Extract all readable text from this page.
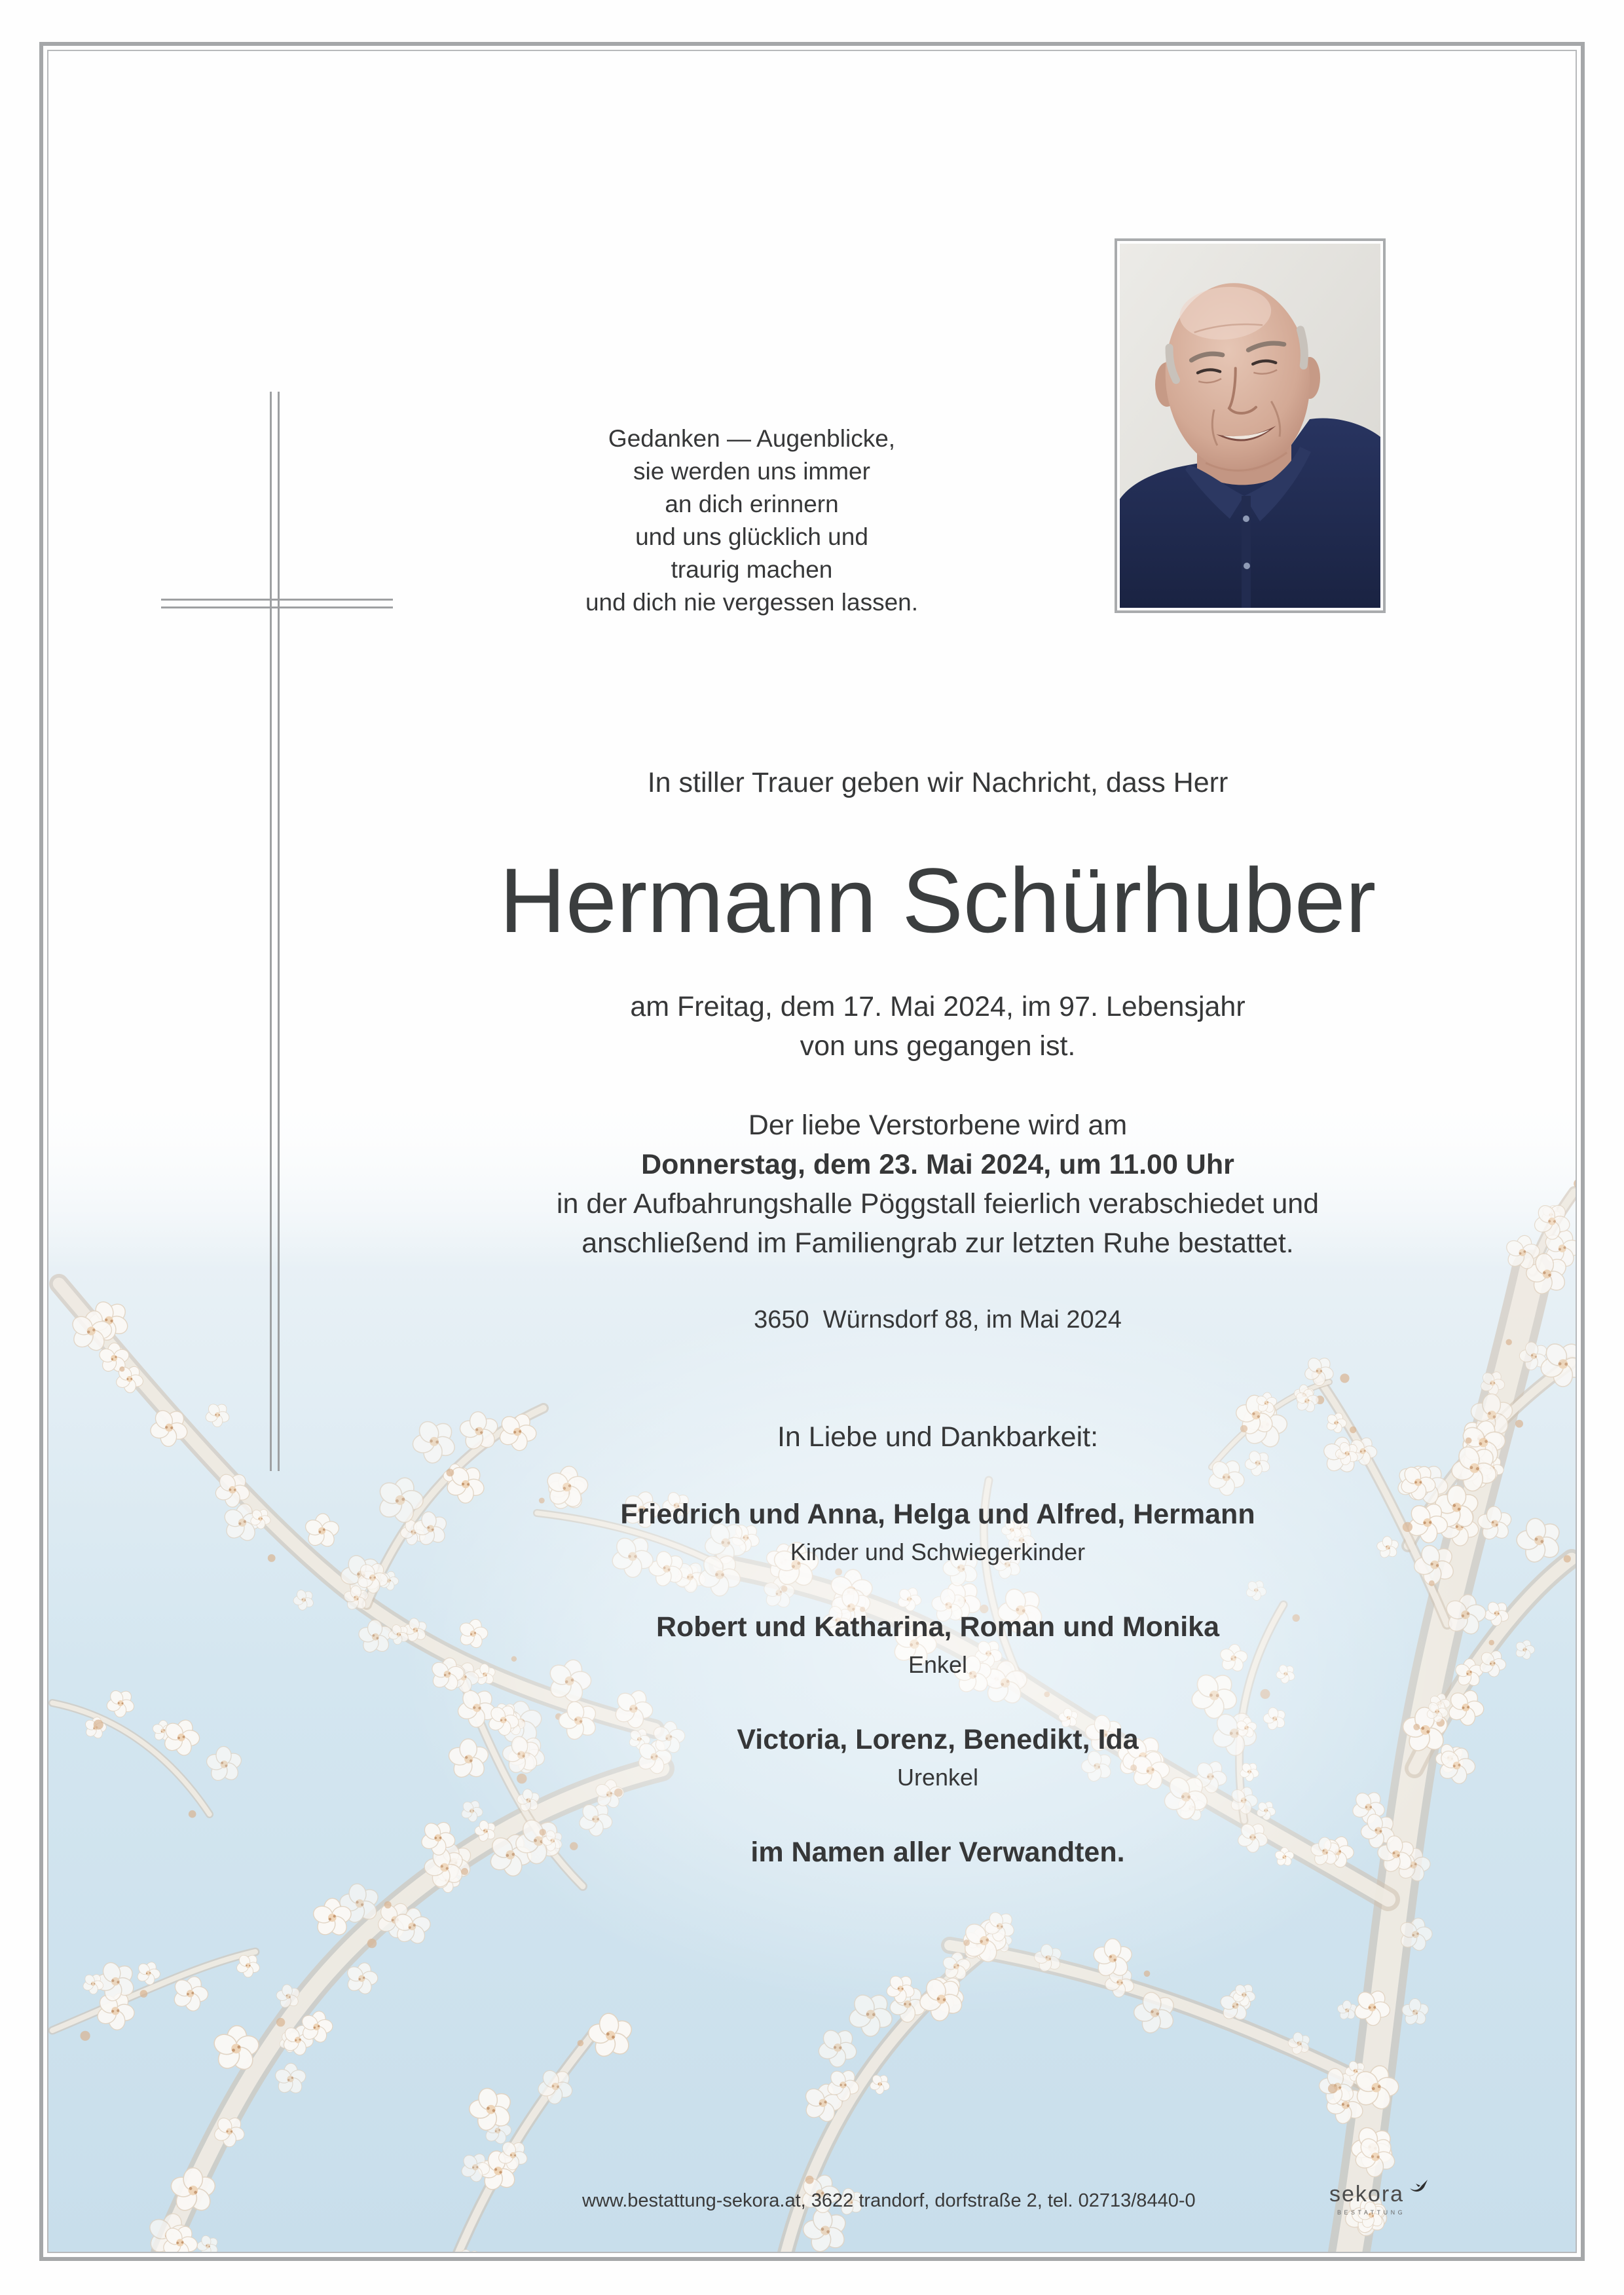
Gedanken — Augenblicke,
sie werden uns immer
an dich erinnern
und uns glücklich und
traurig machen
und dich nie vergessen lassen.
In stiller Trauer geben wir Nachricht, dass Herr
Hermann Schürhuber
am Freitag, dem 17. Mai 2024, im 97. Lebensjahr
von uns gegangen ist.
Der liebe Verstorbene wird am
Donnerstag, dem 23. Mai 2024, um 11.00 Uhr
in der Aufbahrungshalle Pöggstall feierlich verabschiedet und
anschließend im Familiengrab zur letzten Ruhe bestattet.
3650  Würnsdorf 88, im Mai 2024
In Liebe und Dankbarkeit:
Friedrich und Anna, Helga und Alfred, Hermann
Kinder und Schwiegerkinder
Robert und Katharina, Roman und Monika
Enkel
Victoria, Lorenz, Benedikt, Ida
Urenkel
im Namen aller Verwandten.
www.bestattung-sekora.at, 3622 trandorf, dorfstraße 2, tel. 02713/8440-0	sekora
BESTATTUNG
